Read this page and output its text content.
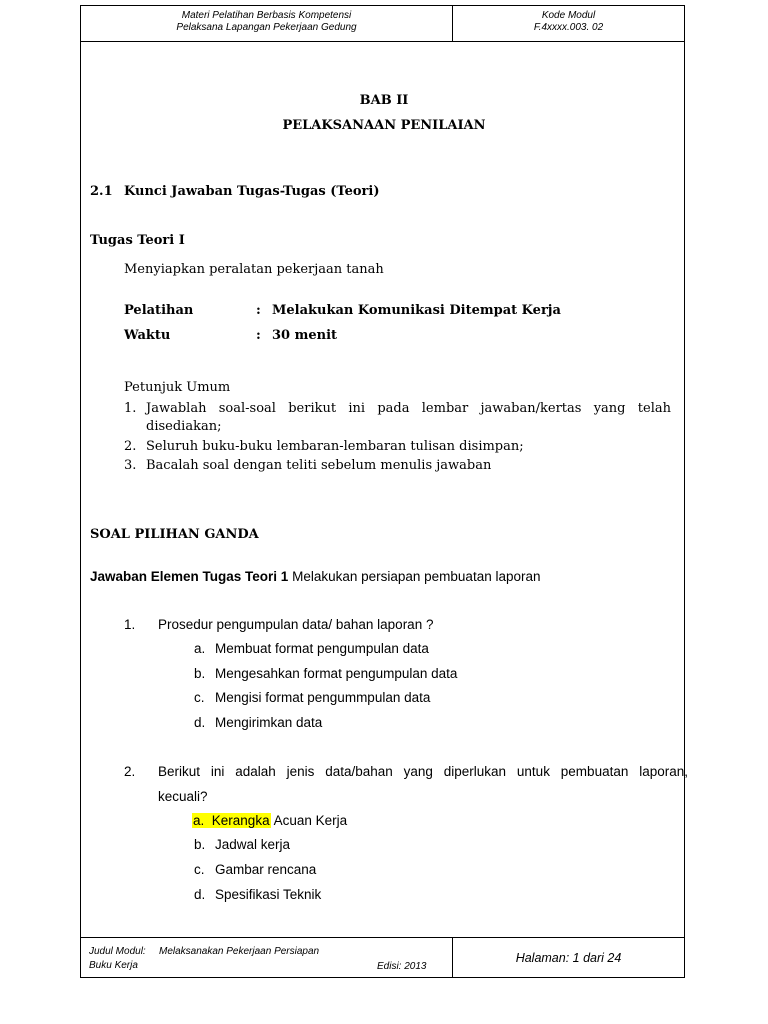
Materi Pelatihan Berbasis Kompetensi
Pelaksana Lapangan Pekerjaan Gedung
Kode Modul
F.4xxxx.003. 02
Judul Modul: Melaksanakan Pekerjaan Persiapan
Buku Kerja	Edisi: 2013
Halaman: 1 dari 24
BAB II
PELAKSANAAN PENILAIAN
2.1 Kunci Jawaban Tugas-Tugas (Teori)
Tugas Teori I
Menyiapkan peralatan pekerjaan tanah
Pelatihan	: Melakukan Komunikasi Ditempat Kerja
Waktu	: 30 menit
Petunjuk Umum
1. Jawablah soal-soal berikut ini pada lembar jawaban/kertas yang telah
disediakan;
2. Seluruh buku-buku lembaran-lembaran tulisan disimpan;
3. Bacalah soal dengan teliti sebelum menulis jawaban
SOAL PILIHAN GANDA
Jawaban Elemen Tugas Teori 1 Melakukan persiapan pembuatan laporan
1. Prosedur pengumpulan data/ bahan laporan ?
a. Membuat format pengumpulan data
b. Mengesahkan format pengumpulan data
c. Mengisi format pengummpulan data
d. Mengirimkan data
2. Berikut ini adalah jenis data/bahan yang diperlukan untuk pembuatan laporan,
kecuali?
a. Kerangka Acuan Kerja
b. Jadwal kerja
c. Gambar rencana
d. Spesifikasi Teknik
